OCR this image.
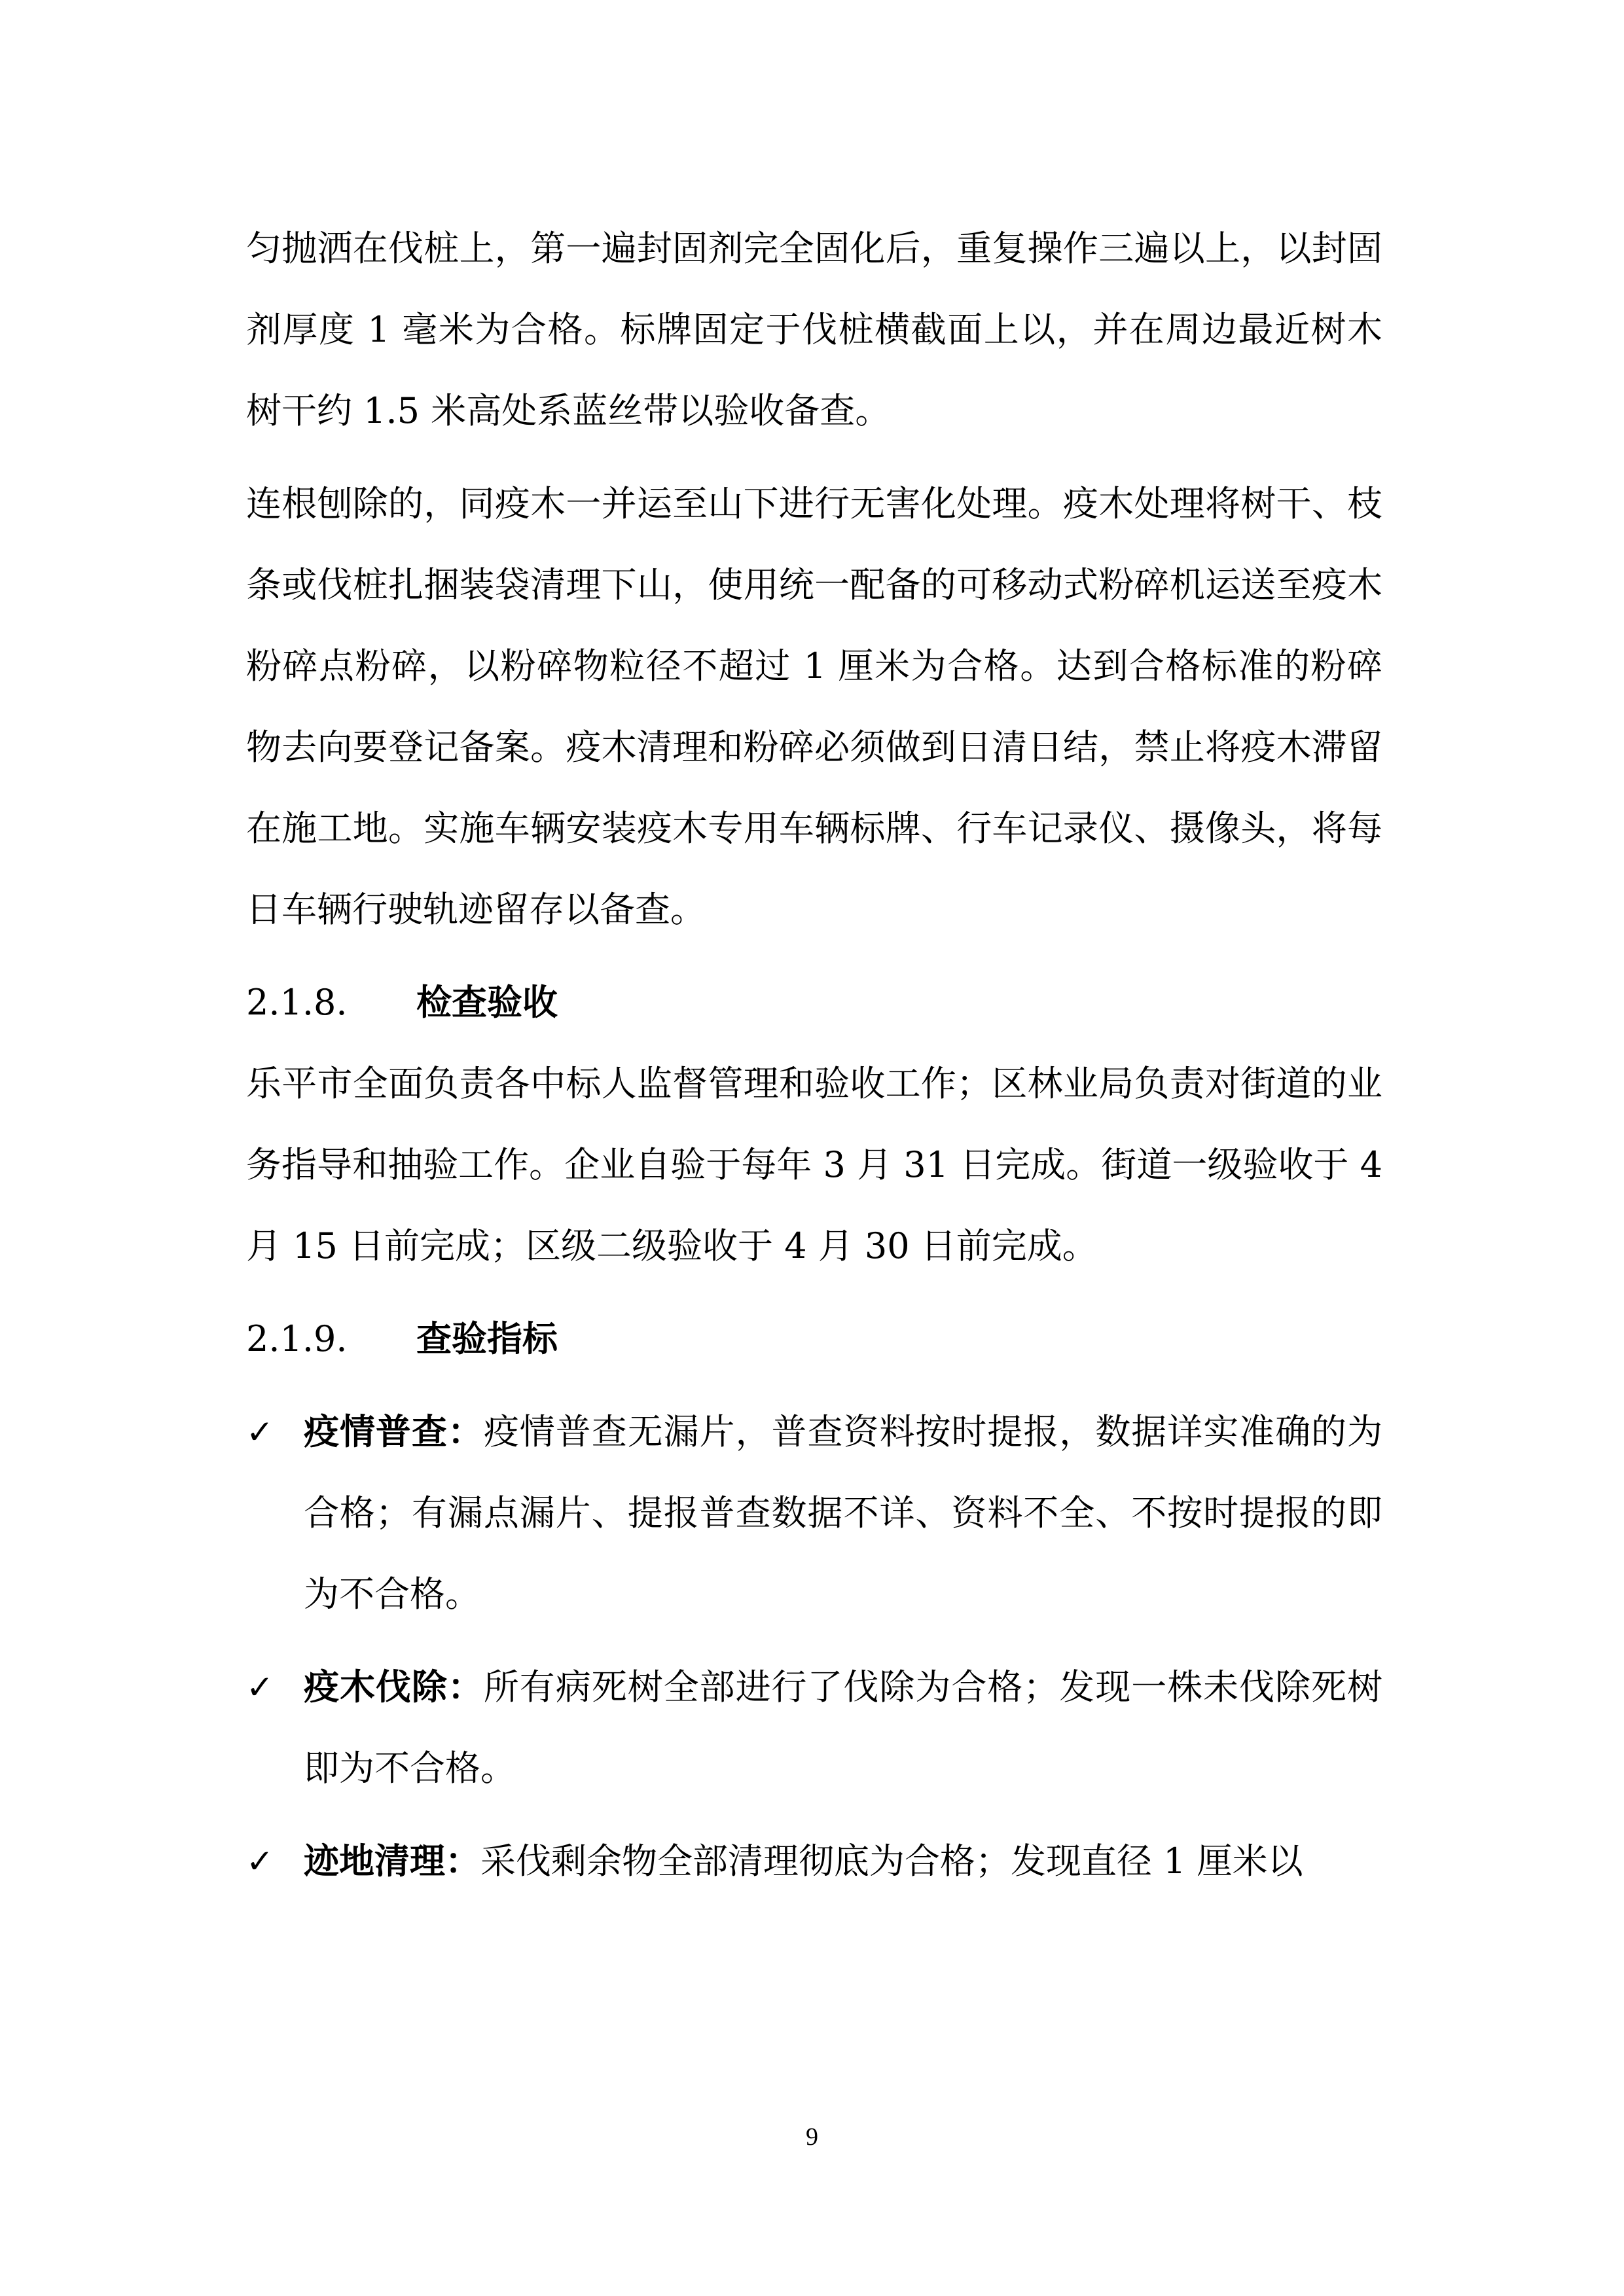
匀抛洒在伐桩上，第一遍封固剂完全固化后，重复操作三遍以上，以封固剂厚度 1 毫米为合格。标牌固定于伐桩横截面上以，并在周边最近树木树干约 1.5 米高处系蓝丝带以验收备查。

连根刨除的，同疫木一并运至山下进行无害化处理。疫木处理将树干、枝条或伐桩扎捆装袋清理下山，使用统一配备的可移动式粉碎机运送至疫木粉碎点粉碎，以粉碎物粒径不超过 1 厘米为合格。达到合格标准的粉碎物去向要登记备案。疫木清理和粉碎必须做到日清日结，禁止将疫木滞留在施工地。实施车辆安装疫木专用车辆标牌、行车记录仪、摄像头，将每日车辆行驶轨迹留存以备查。

2.1.8.	检查验收

乐平市全面负责各中标人监督管理和验收工作；区林业局负责对街道的业务指导和抽验工作。企业自验于每年 3 月 31 日完成。街道一级验收于 4 月 15 日前完成；区级二级验收于 4 月 30 日前完成。

2.1.9.	查验指标
✓ 疫情普查：疫情普查无漏片，普查资料按时提报，数据详实准确的为合格；有漏点漏片、提报普查数据不详、资料不全、不按时提报的即为不合格。
✓ 疫木伐除：所有病死树全部进行了伐除为合格；发现一株未伐除死树即为不合格。
✓ 迹地清理：采伐剩余物全部清理彻底为合格；发现直径 1 厘米以
9
